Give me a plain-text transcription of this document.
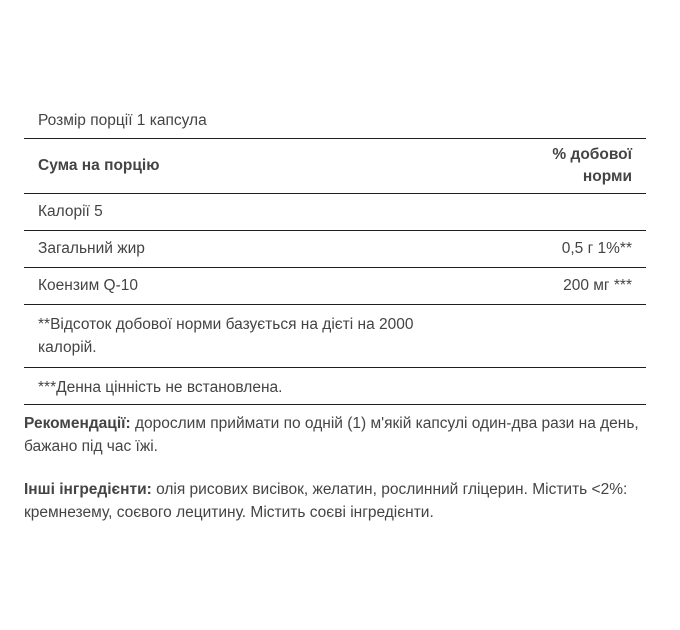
Розмір порції 1 капсула
Сума на порцію
% добової
норми
Калорії 5
Загальний жир	0,5 г 1%**
Коензим Q-10	200 мг ***
**Відсоток добової норми базується на дієті на 2000 калорій.
***Денна цінність не встановлена.
Рекомендації: дорослим приймати по одній (1) м'якій капсулі один-два рази на день, бажано під час їжі.
Інші інгредієнти: олія рисових висівок, желатин, рослинний гліцерин. Містить <2%: кремнезему, соєвого лецитину. Містить соєві інгредієнти.
